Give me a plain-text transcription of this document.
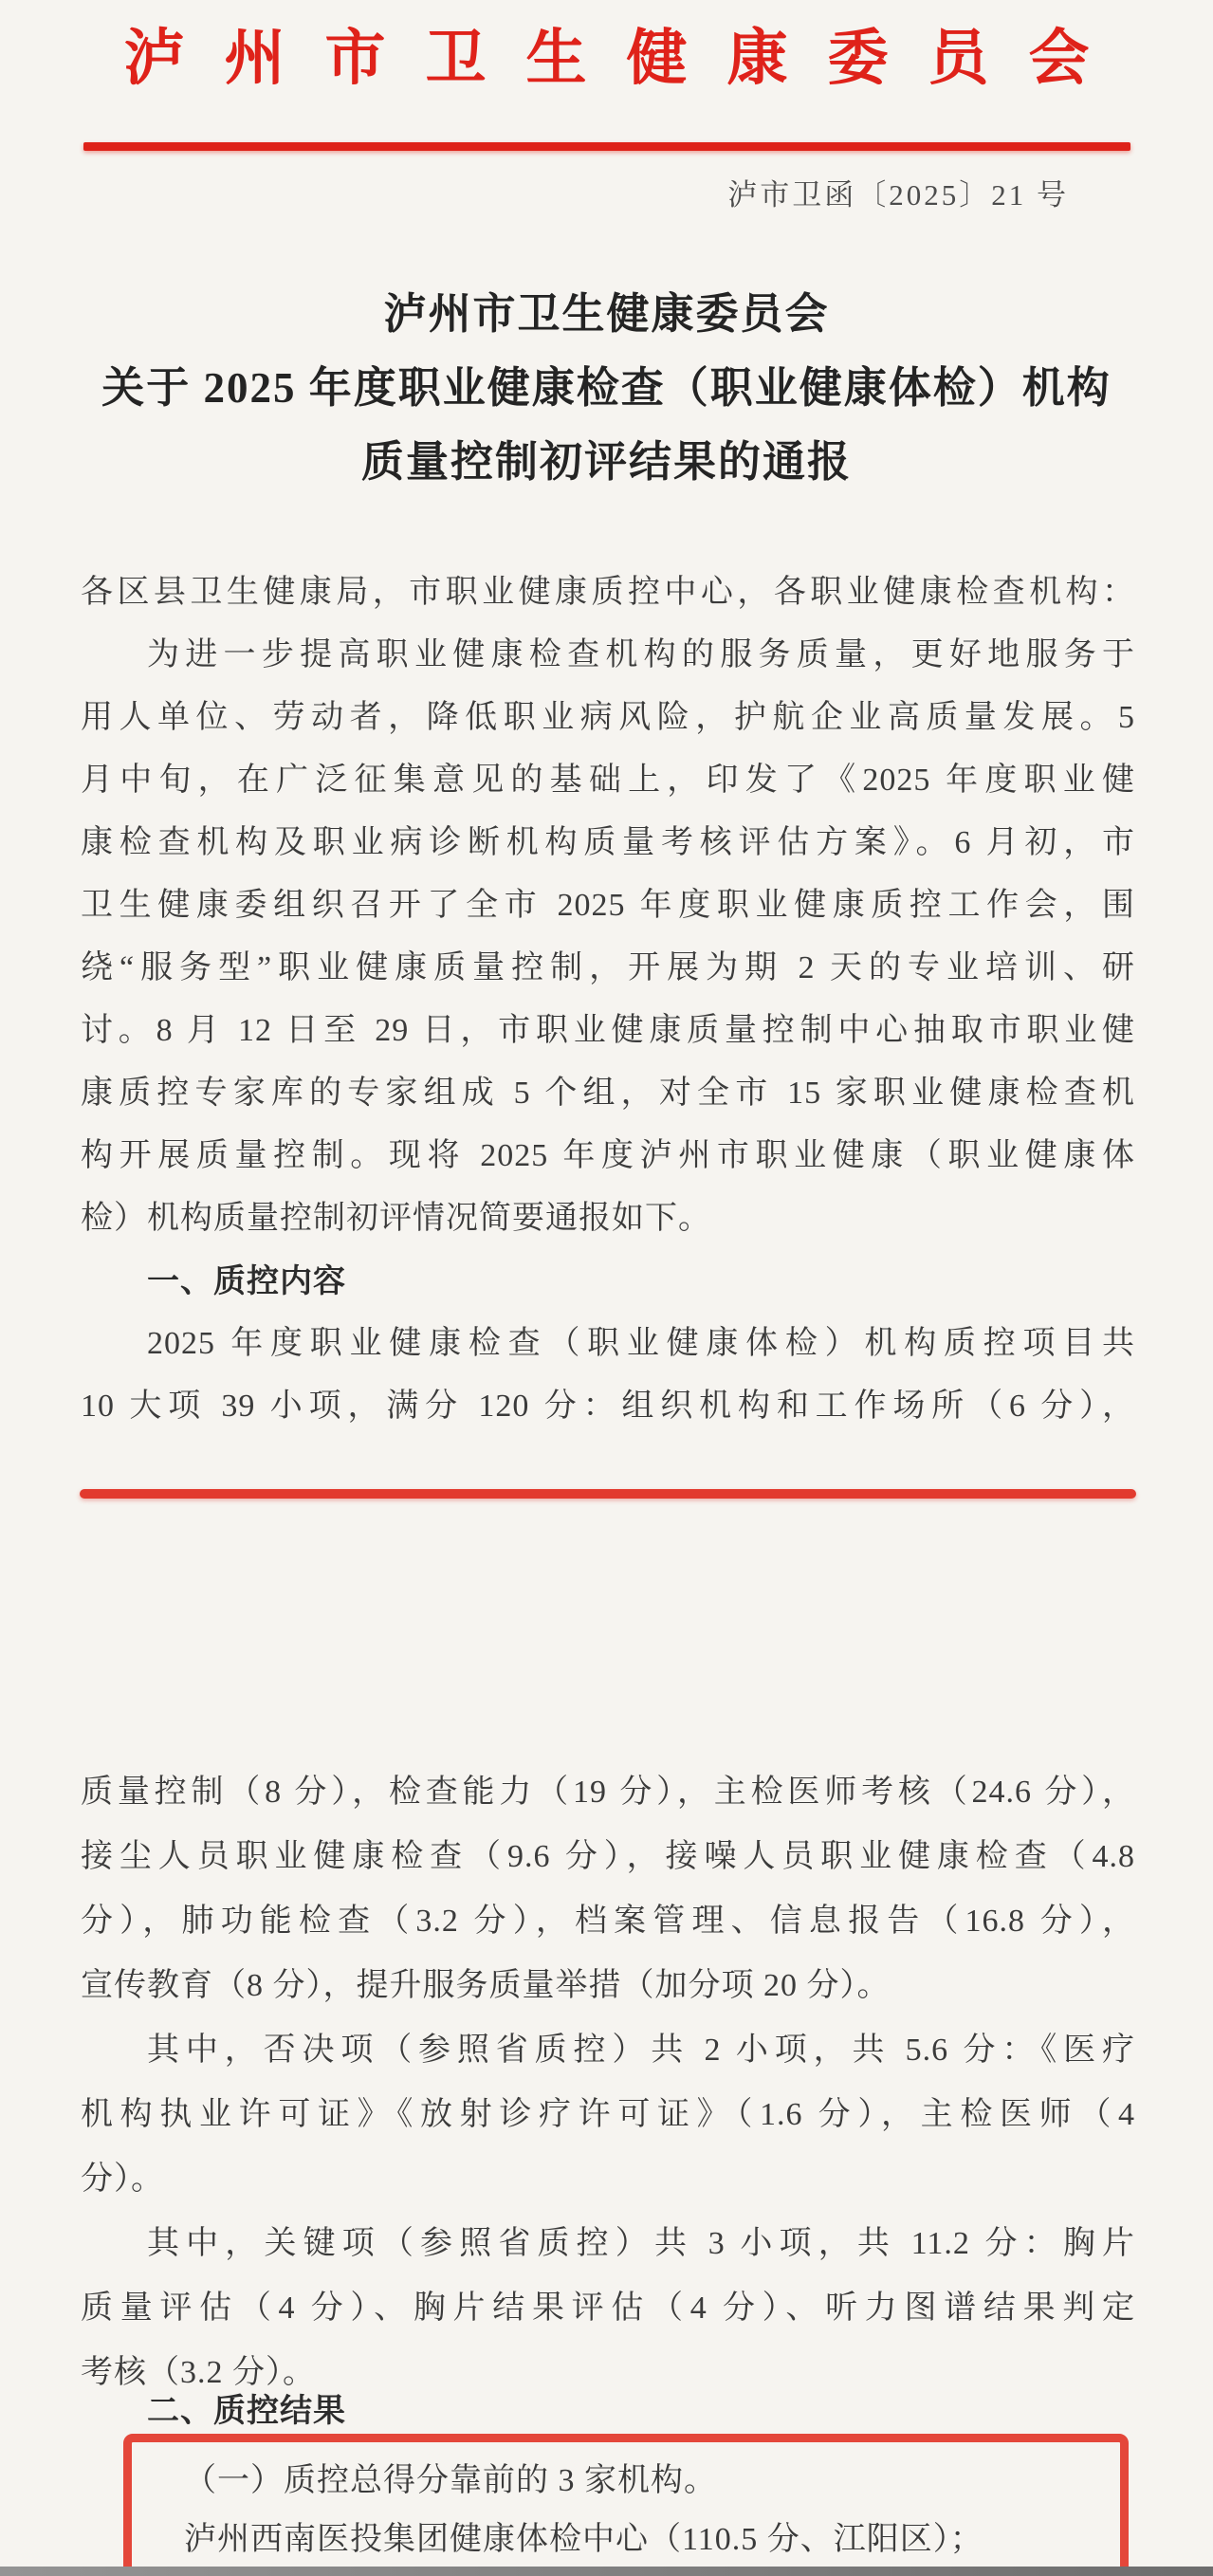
泸州市卫生健康委员会
泸市卫函〔2025〕21 号
泸州市卫生健康委员会
关于 2025 年度职业健康检查（职业健康体检）机构
质量控制初评结果的通报
各区县卫生健康局，市职业健康质控中心，各职业健康检查机构：
为进一步提高职业健康检查机构的服务质量，更好地服务于
用人单位、劳动者，降低职业病风险，护航企业高质量发展。5
月中旬，在广泛征集意见的基础上，印发了《2025 年度职业健
康检查机构及职业病诊断机构质量考核评估方案》。6 月初，市
卫生健康委组织召开了全市 2025 年度职业健康质控工作会，围
绕“服务型”职业健康质量控制，开展为期 2 天的专业培训、研
讨。8 月 12 日至 29 日，市职业健康质量控制中心抽取市职业健
康质控专家库的专家组成 5 个组，对全市 15 家职业健康检查机
构开展质量控制。现将 2025 年度泸州市职业健康（职业健康体
检）机构质量控制初评情况简要通报如下。
一、质控内容
2025 年度职业健康检查（职业健康体检）机构质控项目共
10 大项 39 小项，满分 120 分：组织机构和工作场所（6 分），
质量控制（8 分），检查能力（19 分），主检医师考核（24.6 分），
接尘人员职业健康检查（9.6 分），接噪人员职业健康检查（4.8
分），肺功能检查（3.2 分），档案管理、信息报告（16.8 分），
宣传教育（8 分），提升服务质量举措（加分项 20 分）。
其中，否决项（参照省质控）共 2 小项，共 5.6 分：《医疗
机构执业许可证》《放射诊疗许可证》（1.6 分），主检医师（4
分）。
其中，关键项（参照省质控）共 3 小项，共 11.2 分：胸片
质量评估（4 分）、胸片结果评估（4 分）、听力图谱结果判定
考核（3.2 分）。
二、质控结果
（一）质控总得分靠前的 3 家机构。
泸州西南医投集团健康体检中心（110.5 分、江阳区）；
